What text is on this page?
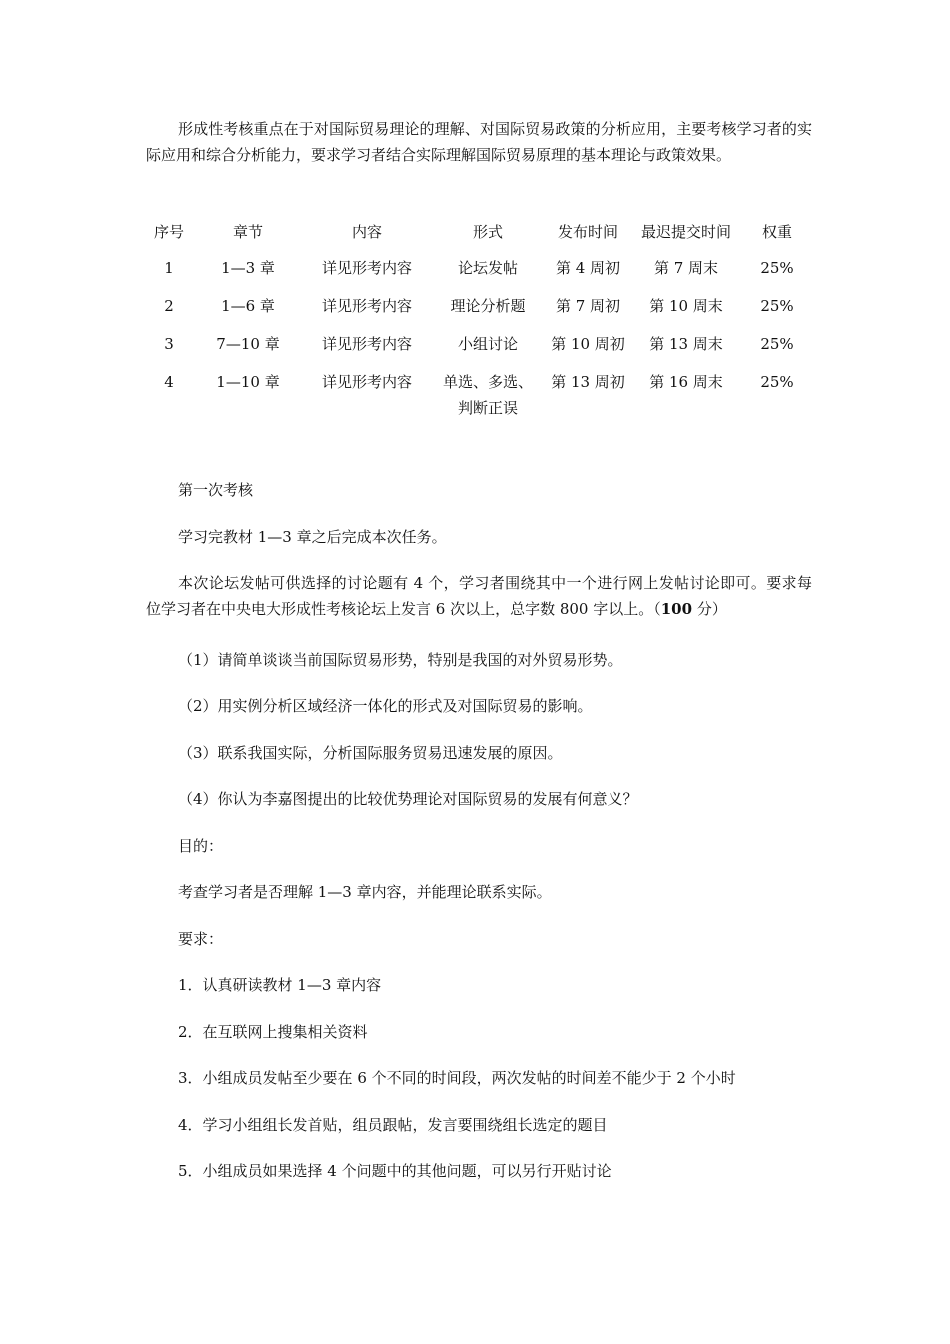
形成性考核重点在于对国际贸易理论的理解、对国际贸易政策的分析应用，主要考核学习者的实际应用和综合分析能力，要求学习者结合实际理解国际贸易原理的基本理论与政策效果。

序号	章节	内容	形式	发布时间	最迟提交时间	权重
1	1—3 章	详见形考内容	论坛发帖	第 4 周初	第 7 周末	25%
2	1—6 章	详见形考内容	理论分析题	第 7 周初	第 10 周末	25%
3	7—10 章	详见形考内容	小组讨论	第 10 周初	第 13 周末	25%
4	1—10 章	详见形考内容	单选、多选、判断正误	第 13 周初	第 16 周末	25%

第一次考核

学习完教材 1—3 章之后完成本次任务。

本次论坛发帖可供选择的讨论题有 4 个，学习者围绕其中一个进行网上发帖讨论即可。要求每位学习者在中央电大形成性考核论坛上发言 6 次以上，总字数 800 字以上。（100 分）

（1）请简单谈谈当前国际贸易形势，特别是我国的对外贸易形势。

（2）用实例分析区域经济一体化的形式及对国际贸易的影响。

（3）联系我国实际，分析国际服务贸易迅速发展的原因。

（4）你认为李嘉图提出的比较优势理论对国际贸易的发展有何意义？

目的：

考查学习者是否理解 1—3 章内容，并能理论联系实际。

要求：

1．认真研读教材 1—3 章内容

2．在互联网上搜集相关资料

3．小组成员发帖至少要在 6 个不同的时间段，两次发帖的时间差不能少于 2 个小时

4．学习小组组长发首贴，组员跟帖，发言要围绕组长选定的题目

5．小组成员如果选择 4 个问题中的其他问题，可以另行开贴讨论
